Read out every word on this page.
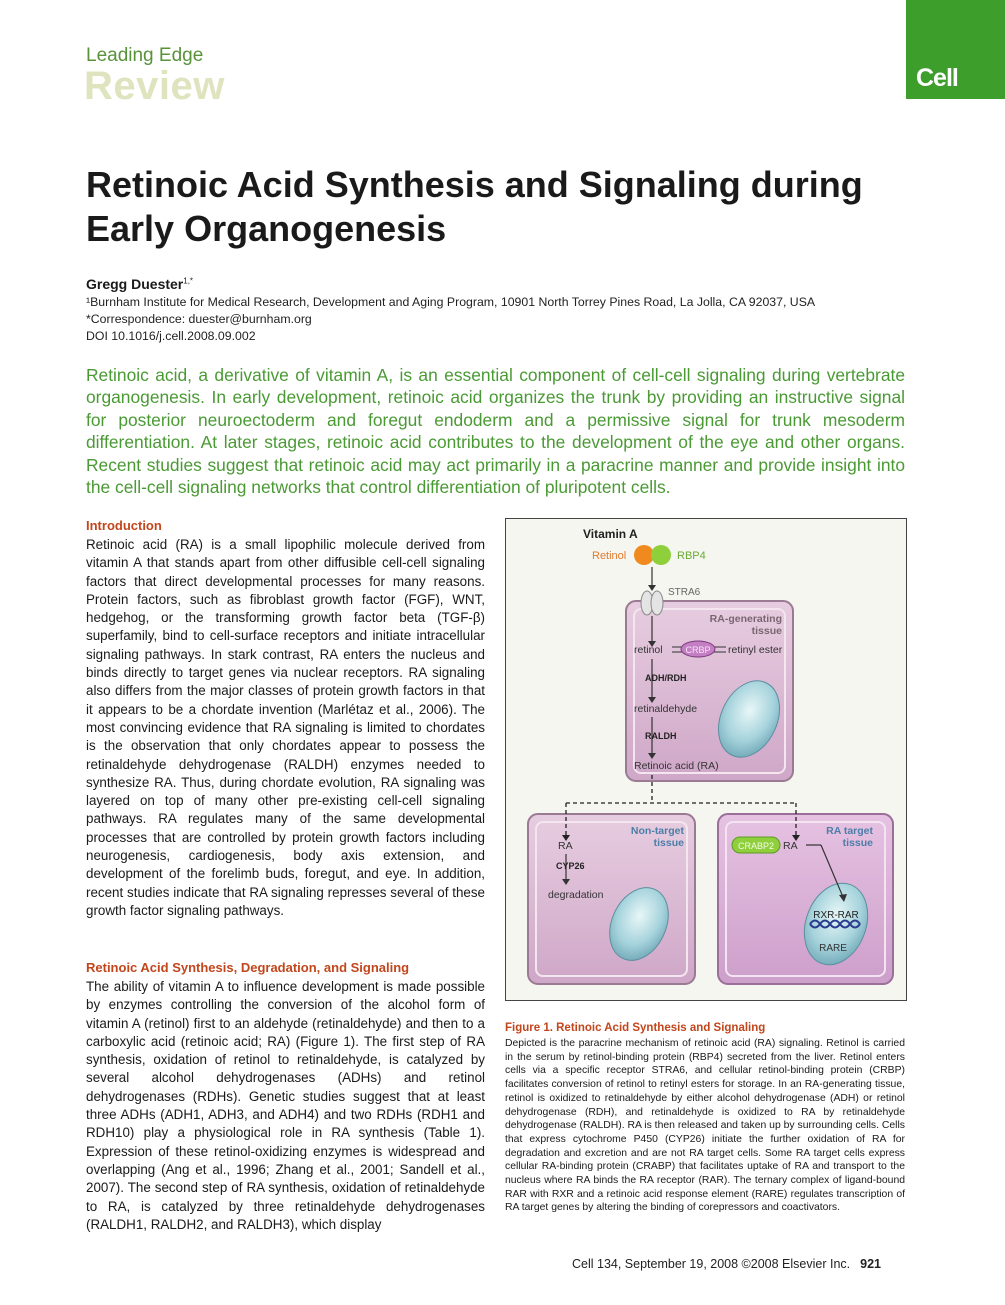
Leading Edge
Review	Cell
Retinoic Acid Synthesis and Signaling during Early Organogenesis
Gregg Duester$^{1,*}$
¹Burnham Institute for Medical Research, Development and Aging Program, 10901 North Torrey Pines Road, La Jolla, CA 92037, USA
*Correspondence: duester@burnham.org
DOI 10.1016/j.cell.2008.09.002
Retinoic acid, a derivative of vitamin A, is an essential component of cell-cell signaling during vertebrate organogenesis. In early development, retinoic acid organizes the trunk by providing an instructive signal for posterior neuroectoderm and foregut endoderm and a permissive signal for trunk mesoderm differentiation. At later stages, retinoic acid contributes to the development of the eye and other organs. Recent studies suggest that retinoic acid may act primarily in a paracrine manner and provide insight into the cell-cell signaling networks that control differentiation of pluripotent cells.
Introduction
Retinoic acid (RA) is a small lipophilic molecule derived from vitamin A that stands apart from other diffusible cell-cell signaling factors that direct developmental processes for many reasons. Protein factors, such as fibroblast growth factor (FGF), WNT, hedgehog, or the transforming growth factor beta (TGF-β) superfamily, bind to cell-surface receptors and initiate intracellular signaling pathways. In stark contrast, RA enters the nucleus and binds directly to target genes via nuclear receptors. RA signaling also differs from the major classes of protein growth factors in that it appears to be a chordate invention (Marlétaz et al., 2006). The most convincing evidence that RA signaling is limited to chordates is the observation that only chordates appear to possess the retinaldehyde dehydrogenase (RALDH) enzymes needed to synthesize RA. Thus, during chordate evolution, RA signaling was layered on top of many other pre-existing cell-cell signaling pathways. RA regulates many of the same developmental processes that are controlled by protein growth factors including neurogenesis, cardiogenesis, body axis extension, and development of the forelimb buds, foregut, and eye. In addition, recent studies indicate that RA signaling represses several of these growth factor signaling pathways.
Retinoic Acid Synthesis, Degradation, and Signaling
The ability of vitamin A to influence development is made possible by enzymes controlling the conversion of the alcohol form of vitamin A (retinol) first to an aldehyde (retinaldehyde) and then to a carboxylic acid (retinoic acid; RA) (Figure 1). The first step of RA synthesis, oxidation of retinol to retinaldehyde, is catalyzed by several alcohol dehydrogenases (ADHs) and retinol dehydrogenases (RDHs). Genetic studies suggest that at least three ADHs (ADH1, ADH3, and ADH4) and two RDHs (RDH1 and RDH10) play a physiological role in RA synthesis (Table 1). Expression of these retinol-oxidizing enzymes is widespread and overlapping (Ang et al., 1996; Zhang et al., 2001; Sandell et al., 2007). The second step of RA synthesis, oxidation of retinaldehyde to RA, is catalyzed by three retinaldehyde dehydrogenases (RALDH1, RALDH2, and RALDH3), which display
Vitamin A
Retinol	RBP4
STRA6
RA-generating
tissue
retinol	CRBP retinyl ester
ADH/RDH
retinaldehyde
RALDH
Retinoic acid (RA)
Non-target
tissue
RA
CYP26
degradation
RA target
tissue
CRABP2 RA
RXR-RAR
RARE
Figure 1. Retinoic Acid Synthesis and Signaling
Depicted is the paracrine mechanism of retinoic acid (RA) signaling. Retinol is carried in the serum by retinol-binding protein (RBP4) secreted from the liver. Retinol enters cells via a specific receptor STRA6, and cellular retinol-binding protein (CRBP) facilitates conversion of retinol to retinyl esters for storage. In an RA-generating tissue, retinol is oxidized to retinaldehyde by either alcohol dehydrogenase (ADH) or retinol dehydrogenase (RDH), and retinaldehyde is oxidized to RA by retinaldehyde dehydrogenase (RALDH). RA is then released and taken up by surrounding cells. Cells that express cytochrome P450 (CYP26) initiate the further oxidation of RA for degradation and excretion and are not RA target cells. Some RA target cells express cellular RA-binding protein (CRABP) that facilitates uptake of RA and transport to the nucleus where RA binds the RA receptor (RAR). The ternary complex of ligand-bound RAR with RXR and a retinoic acid response element (RARE) regulates transcription of RA target genes by altering the binding of corepressors and coactivators.
Cell 134, September 19, 2008 ©2008 Elsevier Inc. 921
